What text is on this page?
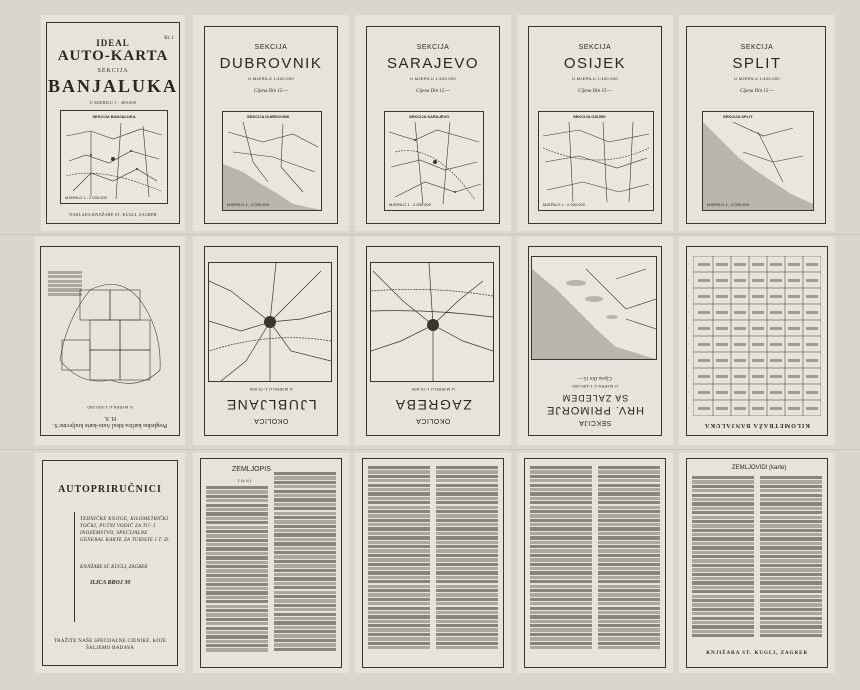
IDEAL
AUTO-KARTA
Br. 1
SEKCIJA
BANJALUKA
U MJERILU 1 : 400.000
SEKCIJA BANJALUKA
MJERILO 1 : 2.000.000
NAKLADA KNJIŽARE ST. KUGLI, ZAGREB
SEKCIJA
DUBROVNIK
U MJERILU 1:400.000
Cijena Din 15·—
SEKCIJA DUBROVNIK
MJERILO 1 : 2.000.000
SEKCIJA
SARAJEVO
U MJERILU 1:400.000
Cijena Din 15·—
SEKCIJA SARAJEVO
MJERILO 1 : 2.000.000
SEKCIJA
OSIJEK
U MJERILU 1:400.000
Cijena Din 15·—
SEKCIJA OSIJEK
MJERILO 1 : 2.000.000
SEKCIJA
SPLIT
U MJERILU 1:400.000
Cijena Din 15·—
SEKCIJA SPLIT
MJERILO 1 : 2.000.000
Pregledna karlica Ideal Auto-karte kraljevine S. H. S.
U MJERILU 1:400.000
OKOLICA
LJUBLJANE
U MJERILU 1:75.000
OKOLICA
ZAGREBA
U MJERILU 1:75.000
SEKCIJA
HRV. PRIMORJE
SA ZALEDEM
U MJERILU 1:400.000
Cijena Din 15·—
KILOMETRAŽA BANJALUKA
AUTOPRIRUČNICI
TEHNIČKE KNJIGE, KILOMETRIČKI TOČKI, PUTNI VODIČ ZA TU- I INOZEMSTVO, SPECIJALNE GENERAL KARTE ZA TURISTE I T. D.
KNJIŽARE ST. KUGLI, ZAGREB
ILICA BROJ 30
TRAŽITE NAŠE SPECIJALNE CIENIKE, KOJE ŠALJEMO BADAVA
ZEMLJOPIS
I. (a. b.)
ZEMLJOVIDI (karte)
KNJIŽARA ST. KUGLI, ZAGREB
